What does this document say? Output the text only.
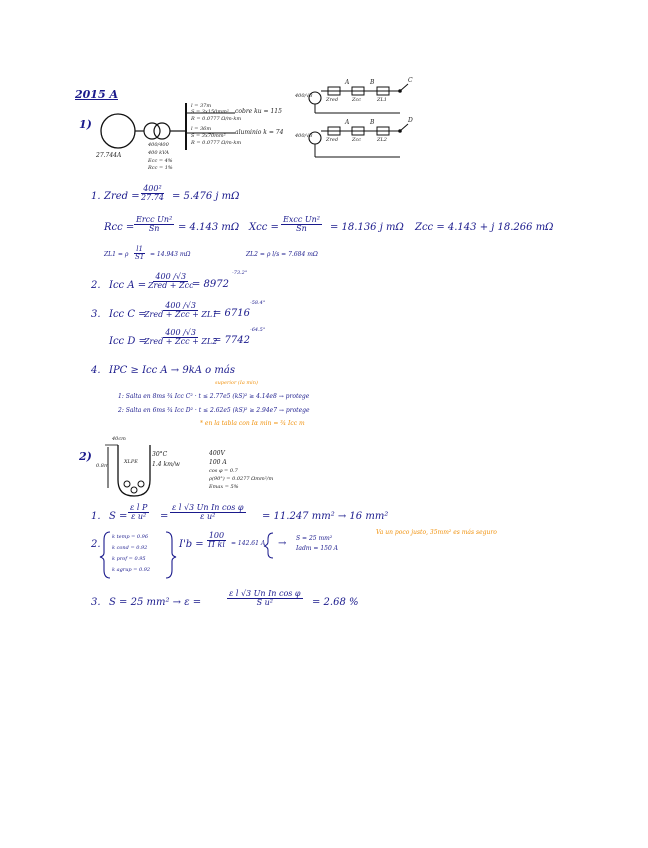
2015 A
1)
27.744A
400/400
400 kVA
Ecc = 4%
Rcc = 1%
l = 37m
S = 3x150mm²
R = 0.0777 Ω/m·km
cobre ku = 115
l = 36m
S = 3x70mm²
R = 0.0777 Ω/m·km
aluminio k = 74
400/√3
400/√3
A	B	C
A	B	D
Zred	Zcc	ZL1
Zred	Zcc	ZL2
1. Zred = $\frac{\text{400²}}{27.74} = 5.476$ j mΩ
Rcc =
Ercc Un²
Sn = 4.143 mΩ Xcc =
Excc Un²
Sn = 18.136 j mΩ Zcc = 4.143 + j 18.266 mΩ
ZL1 = ρ $\frac{l1}{S1} = 14.943$ mΩ	ZL2 = ρ l/s = 7.684 mΩ
2. Icc A =
400 /√3
Zred + Zcc
= 8972
-73.2°
3. Icc C =
400 /√3
Zred + Zcc + ZL1
= 6716
-58.4°
Icc D =
400 /√3
Zred + Zcc + ZL2
= 7742
-64.5°
4. IPC ≥ Icc A → 9kA o más
superior (Ia min)
1: Salta en 8ms ¾ Icc C² · t ≤ 2.77e5 (kS)² ≥ 4.14e8 → protege
2: Salta en 6ms ¾ Icc D² · t ≤ 2.62e5 (kS)² ≥ 2.94e7 → protege
* en la tabla con Iα min = ¾ Icc m
2)
0.8m
40cm
XLPE
30°C
1.4 km/w
400V
100 A
cos φ = 0.7
ρ(90°) = 0.0277 Ωmm²/m
Emax = 5%
1. $S = \frac{\text{ε l P}}{\text{ε u²}} = \frac{\text{ε l √3 Un In cos φ}}{\text{ε u²}} = 11.247$ mm² → 16 mm²
2.
k temp = 0.96
k cond = 0.92
k prof = 0.95
k agrup = 0.92
$I'b = \frac{100}{\text{Π ki}} = 142.61$ A → S = 25 mm²
Iadm = 150 A
Va un poco justo, 35mm² es más seguro
3. S = 25 mm² → ε =	$\frac{\text{ε l √3 Un In cos φ}}{\text{S u²}} = 2.68$ %
